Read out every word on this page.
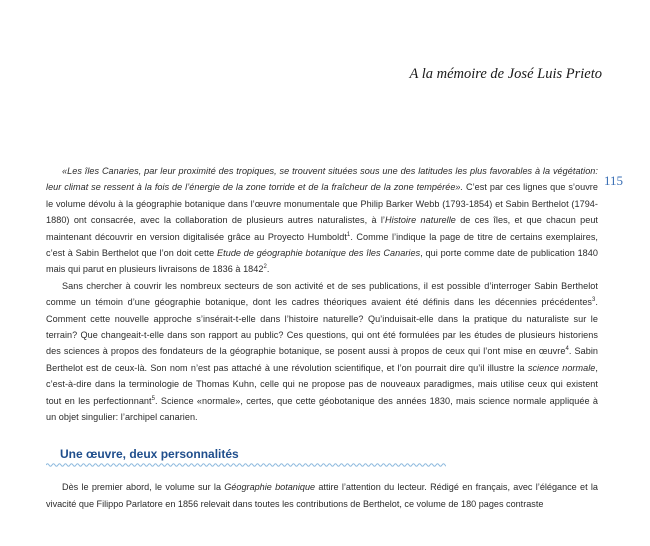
A la mémoire de José Luis Prieto
115

«Les îles Canaries, par leur proximité des tropiques, se trouvent situées sous une des latitudes les plus favorables à la végétation: leur climat se ressent à la fois de l’énergie de la zone torride et de la fraîcheur de la zone tempérée». C’est par ces lignes que s’ouvre le volume dévolu à la géographie botanique dans l’œuvre monumentale que Philip Barker Webb (1793-1854) et Sabin Berthelot (1794-1880) ont consacrée, avec la collaboration de plusieurs autres naturalistes, à l’Histoire naturelle de ces îles, et que chacun peut maintenant découvrir en version digitalisée grâce au Proyecto Humboldt$^1$. Comme l’indique la page de titre de certains exemplaires, c’est à Sabin Berthelot que l’on doit cette Etude de géographie botanique des îles Canaries, qui porte comme date de publication 1840 mais qui parut en plusieurs livraisons de 1836 à 1842$^2$.

Sans chercher à couvrir les nombreux secteurs de son activité et de ses publications, il est possible d’interroger Sabin Berthelot comme un témoin d’une géographie botanique, dont les cadres théoriques avaient été définis dans les décennies précédentes$^3$. Comment cette nouvelle approche s’insérait-t-elle dans l’histoire naturelle? Qu’induisait-elle dans la pratique du naturaliste sur le terrain? Que changeait-t-elle dans son rapport au public? Ces questions, qui ont été formulées par les études de plusieurs historiens des sciences à propos des fondateurs de la géographie botanique, se posent aussi à propos de ceux qui l’ont mise en œuvre$^4$. Sabin Berthelot est de ceux-là. Son nom n’est pas attaché à une révolution scientifique, et l’on pourrait dire qu’il illustre la science normale, c’est-à-dire dans la terminologie de Thomas Kuhn, celle qui ne propose pas de nouveaux paradigmes, mais utilise ceux qui existent tout en les perfectionnant$^5$. Science «normale», certes, que cette géobotanique des années 1830, mais science normale appliquée à un objet singulier: l’archipel canarien.

Une œuvre, deux personnalités

Dès le premier abord, le volume sur la Géographie botanique attire l’attention du lecteur. Rédigé en français, avec l’élégance et la vivacité que Filippo Parlatore en 1856 relevait dans toutes les contributions de Berthelot, ce volume de 180 pages contraste
